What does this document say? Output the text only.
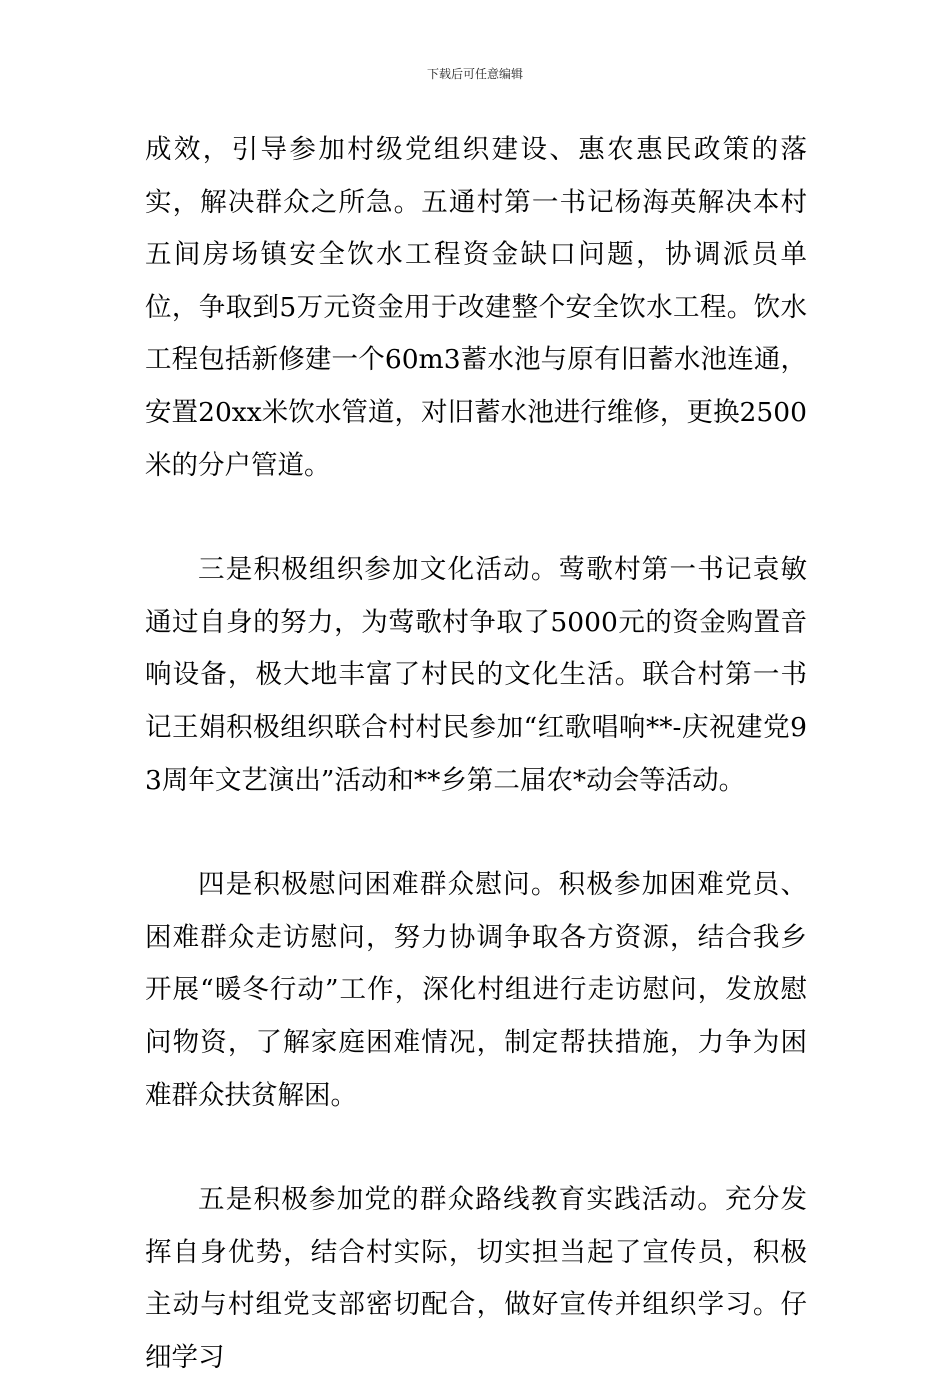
下载后可任意编辑

成效，引导参加村级党组织建设、惠农惠民政策的落实，解决群众之所急。五通村第一书记杨海英解决本村五间房场镇安全饮水工程资金缺口问题，协调派员单位，争取到5万元资金用于改建整个安全饮水工程。饮水工程包括新修建一个60m3蓄水池与原有旧蓄水池连通，安置20xx米饮水管道，对旧蓄水池进行维修，更换2500米的分户管道。

三是积极组织参加文化活动。莺歌村第一书记袁敏通过自身的努力，为莺歌村争取了5000元的资金购置音响设备，极大地丰富了村民的文化生活。联合村第一书记王娟积极组织联合村村民参加“红歌唱响**-庆祝建党93周年文艺演出”活动和**乡第二届农*动会等活动。

四是积极慰问困难群众慰问。积极参加困难党员、困难群众走访慰问，努力协调争取各方资源，结合我乡开展“暖冬行动”工作，深化村组进行走访慰问，发放慰问物资，了解家庭困难情况，制定帮扶措施，力争为困难群众扶贫解困。

五是积极参加党的群众路线教育实践活动。充分发挥自身优势，结合村实际，切实担当起了宣传员，积极主动与村组党支部密切配合，做好宣传并组织学习。仔细学习
